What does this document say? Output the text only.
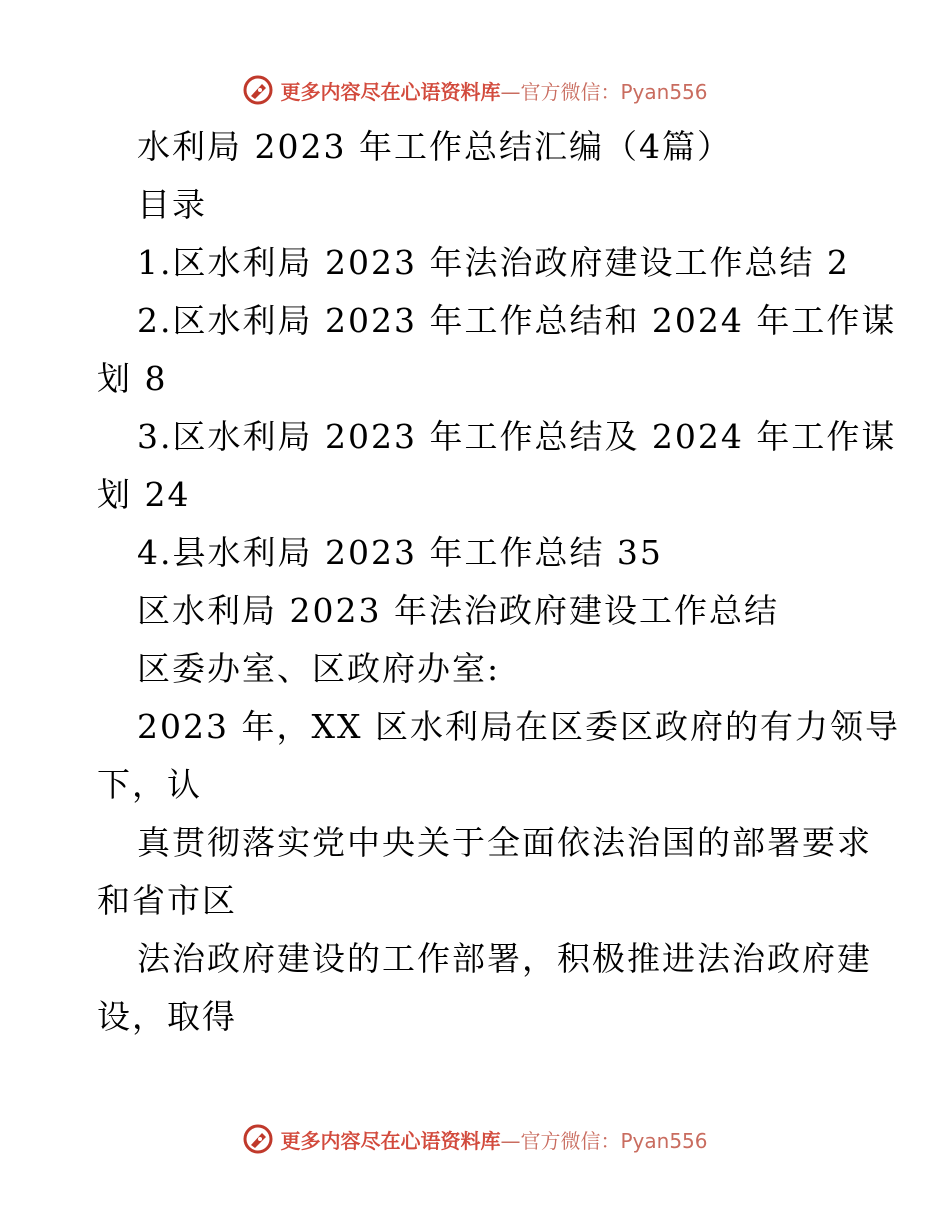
更多内容尽在心语资料库—官方微信：Pyan556
水利局 2023 年工作总结汇编（4篇）
目录
1.区水利局 2023 年法治政府建设工作总结 2
2.区水利局 2023 年工作总结和 2024 年工作谋
划 8
3.区水利局 2023 年工作总结及 2024 年工作谋
划 24
4.县水利局 2023 年工作总结 35
区水利局 2023 年法治政府建设工作总结
区委办室、区政府办室:
2023 年，XX 区水利局在区委区政府的有力领导
下，认
真贯彻落实党中央关于全面依法治国的部署要求
和省市区
法治政府建设的工作部署，积极推进法治政府建
设，取得
更多内容尽在心语资料库—官方微信：Pyan556
